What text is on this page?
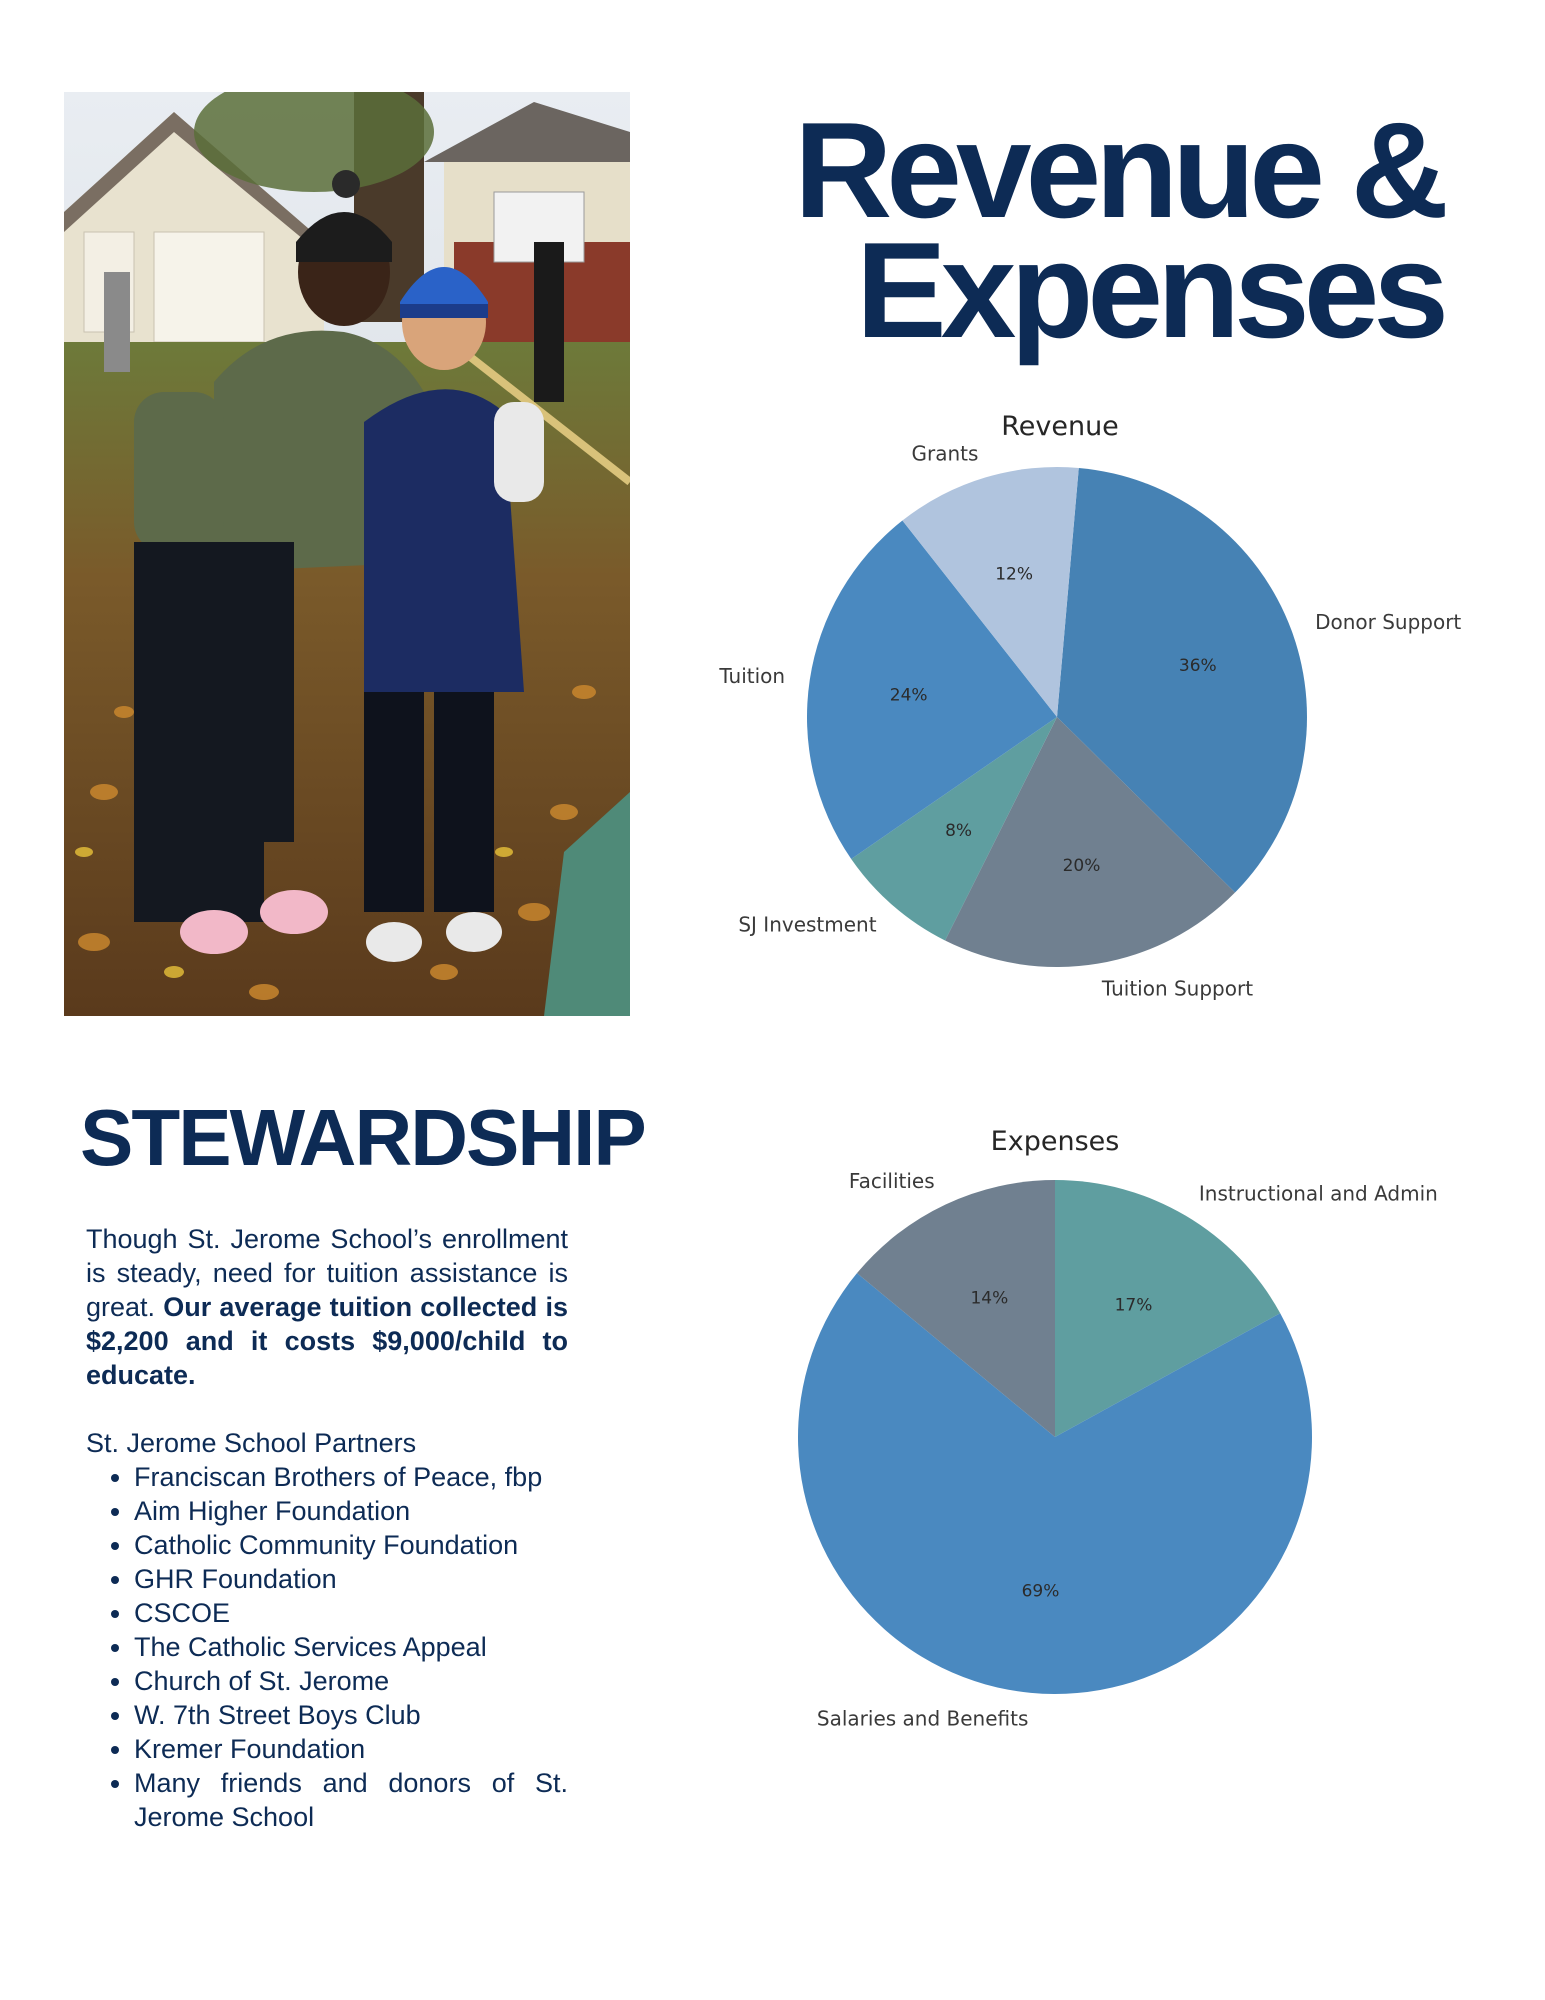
Revenue &
Expenses
Revenue
36%
Donor Support
20%
Tuition Support
8%
SJ Investment
24%
Tuition
12%
Grants
Expenses
17%
Instructional and Admin
69%
Salaries and Benefits
14%
Facilities
STEWARDSHIP

Though St. Jerome School’s enrollment is steady, need for tuition assistance is great. Our average tuition collected is $2,200 and it costs $9,000/child to educate.

St. Jerome School Partners

• Franciscan Brothers of Peace, fbp
• Aim Higher Foundation
• Catholic Community Foundation
• GHR Foundation
• CSCOE
• The Catholic Services Appeal
• Church of St. Jerome
• W. 7th Street Boys Club
• Kremer Foundation
• Many friends and donors of St. Jerome School
